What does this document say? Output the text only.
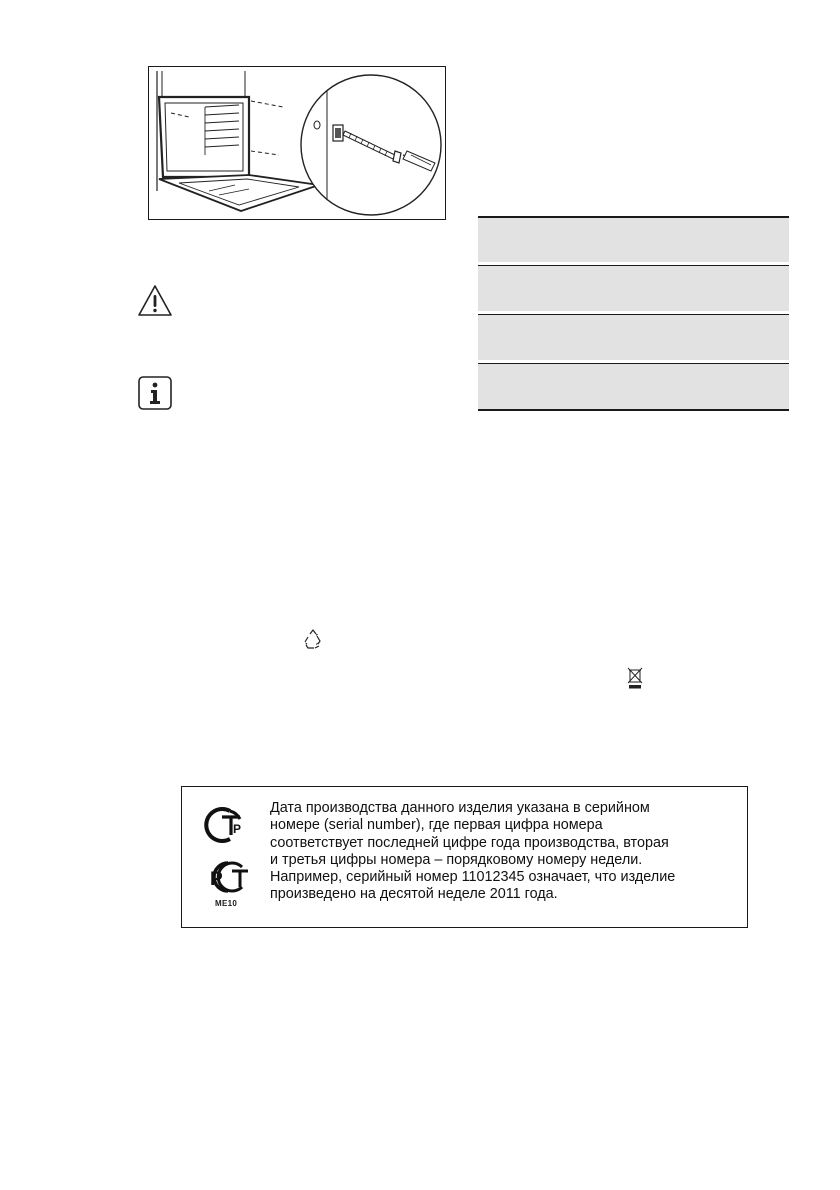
P
P
ME10
Дата производства данного изделия указана в серийном
номере (serial number), где первая цифра номера
соответствует последней цифре года производства, вторая
и третья цифры номера – порядковому номеру недели.
Например, серийный номер 11012345 означает, что изделие
произведено на десятой неделе 2011 года.
